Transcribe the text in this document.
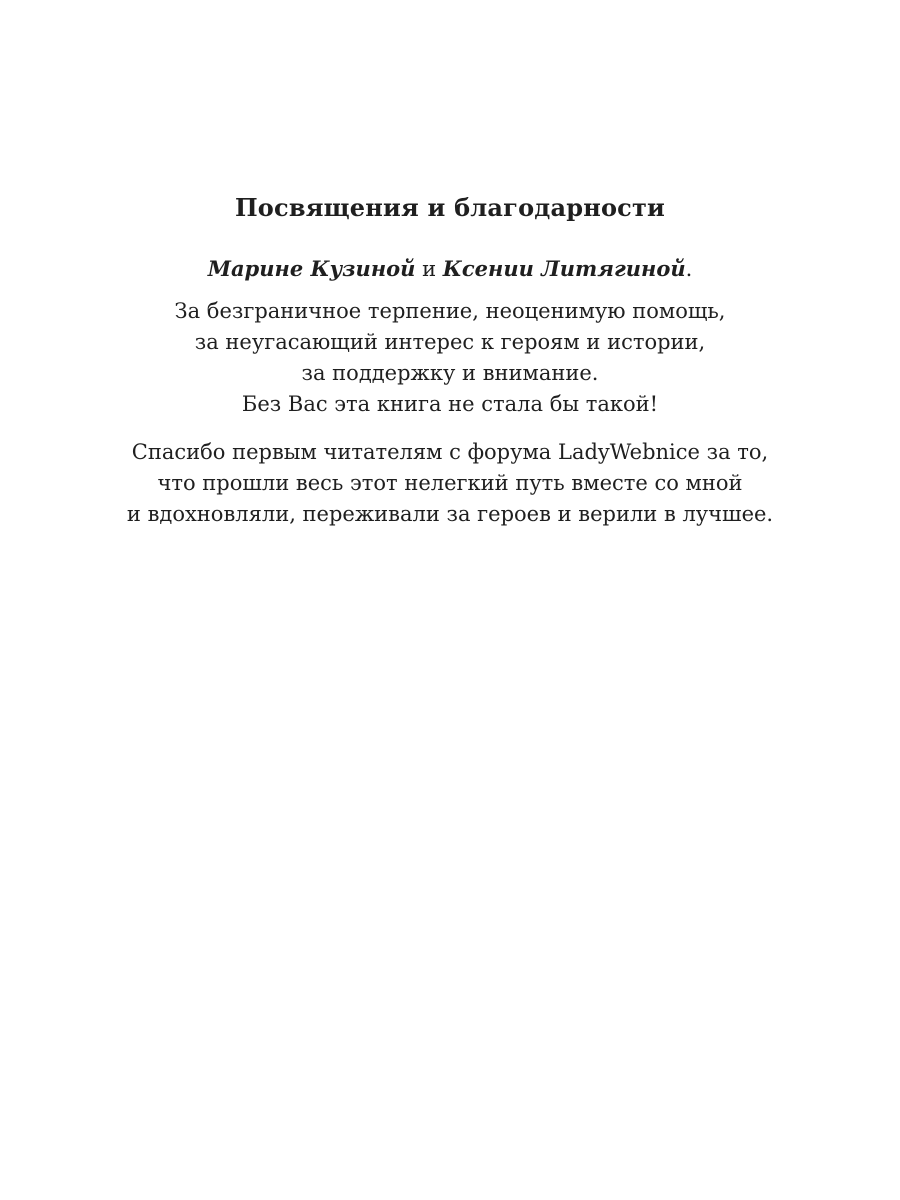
Посвящения и благодарности
Марине Кузиной и Ксении Литягиной.
За безграничное терпение, неоценимую помощь,
за неугасающий интерес к героям и истории,
за поддержку и внимание.
Без Вас эта книга не стала бы такой!
Спасибо первым читателям с форума LadyWebnice за то,
что прошли весь этот нелегкий путь вместе со мной
и вдохновляли, переживали за героев и верили в лучшее.
